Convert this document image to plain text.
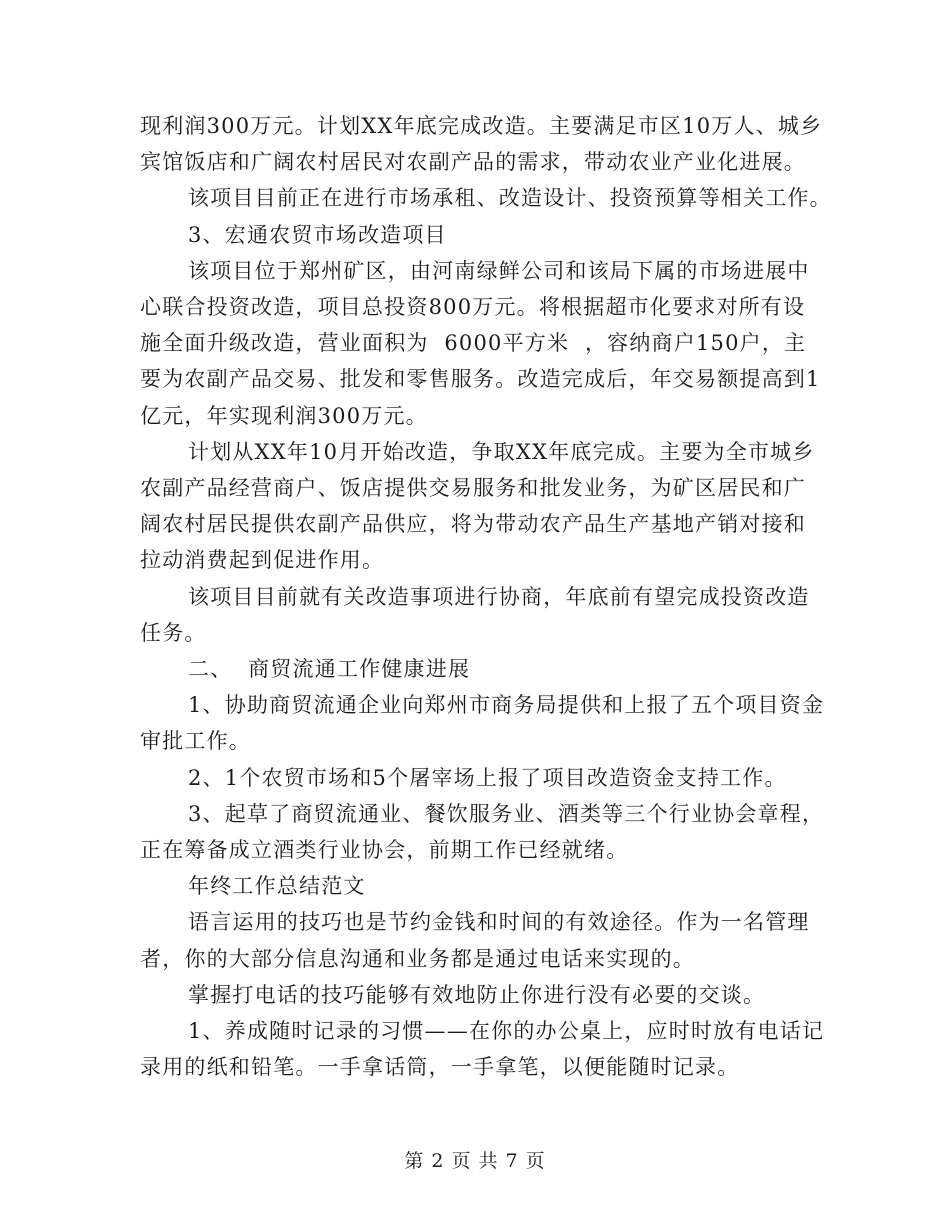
现利润300万元。计划XX年底完成改造。主要满足市区10万人、城乡

宾馆饭店和广阔农村居民对农副产品的需求，带动农业产业化进展。

该项目目前正在进行市场承租、改造设计、投资预算等相关工作。

3、宏通农贸市场改造项目

该项目位于郑州矿区，由河南绿鲜公司和该局下属的市场进展中

心联合投资改造，项目总投资800万元。将根据超市化要求对所有设

施全面升级改造，营业面积为  6000平方米  ，容纳商户150户，主

要为农副产品交易、批发和零售服务。改造完成后，年交易额提高到1

亿元，年实现利润300万元。

计划从XX年10月开始改造，争取XX年底完成。主要为全市城乡

农副产品经营商户、饭店提供交易服务和批发业务，为矿区居民和广

阔农村居民提供农副产品供应，将为带动农产品生产基地产销对接和

拉动消费起到促进作用。

该项目目前就有关改造事项进行协商，年底前有望完成投资改造

任务。

二、  商贸流通工作健康进展

1、协助商贸流通企业向郑州市商务局提供和上报了五个项目资金

审批工作。

2、1个农贸市场和5个屠宰场上报了项目改造资金支持工作。

3、起草了商贸流通业、餐饮服务业、酒类等三个行业协会章程，

正在筹备成立酒类行业协会，前期工作已经就绪。

年终工作总结范文

语言运用的技巧也是节约金钱和时间的有效途径。作为一名管理

者，你的大部分信息沟通和业务都是通过电话来实现的。

掌握打电话的技巧能够有效地防止你进行没有必要的交谈。

1、养成随时记录的习惯——在你的办公桌上，应时时放有电话记

录用的纸和铅笔。一手拿话筒，一手拿笔，以便能随时记录。

第 2 页 共 7 页
